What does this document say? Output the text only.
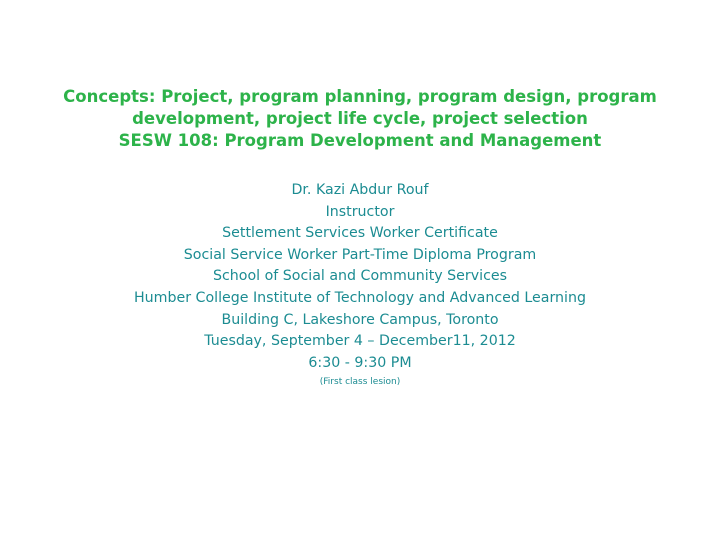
Concepts: Project, program planning, program design, program
development, project life cycle, project selection
SESW 108: Program Development and Management
Dr. Kazi Abdur Rouf
Instructor
Settlement Services Worker Certificate
Social Service Worker Part-Time Diploma Program
School of Social and Community Services
Humber College Institute of Technology and Advanced Learning
Building C, Lakeshore Campus, Toronto
Tuesday, September 4 – December11, 2012
6:30 - 9:30 PM
(First class lesion)
